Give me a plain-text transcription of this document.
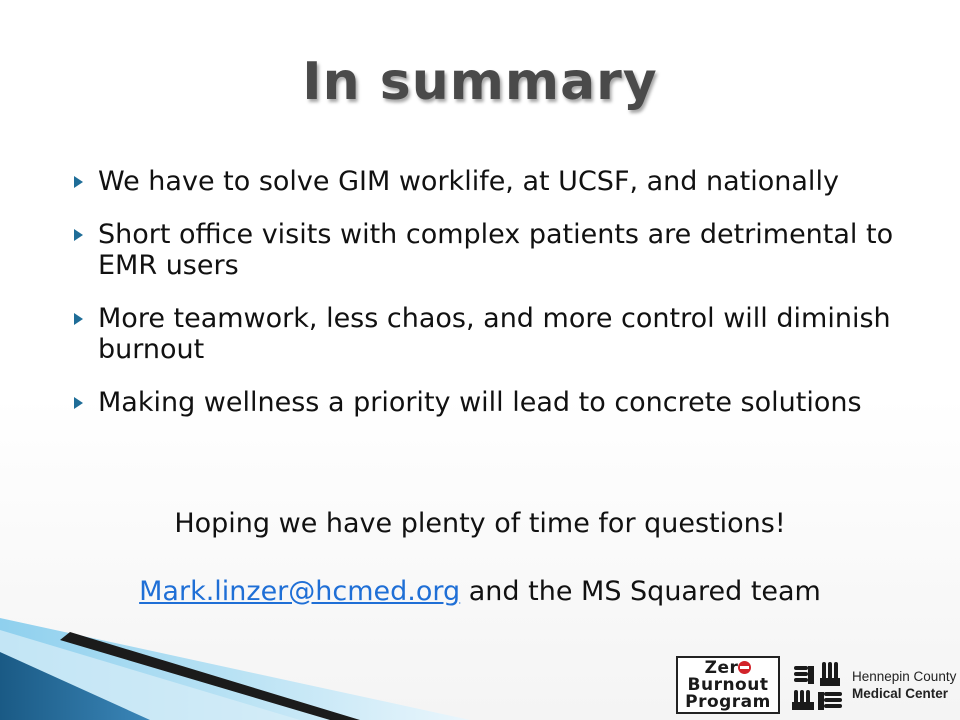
In summary
We have to solve GIM worklife, at UCSF, and nationally
Short office visits with complex patients are detrimental to EMR users
More teamwork, less chaos, and more control will diminish burnout
Making wellness a priority will lead to concrete solutions

Hoping we have plenty of time for questions!

Mark.linzer@hcmed.org and the MS Squared team

Zer
Burnout
Program
Hennepin County
Medical Center
